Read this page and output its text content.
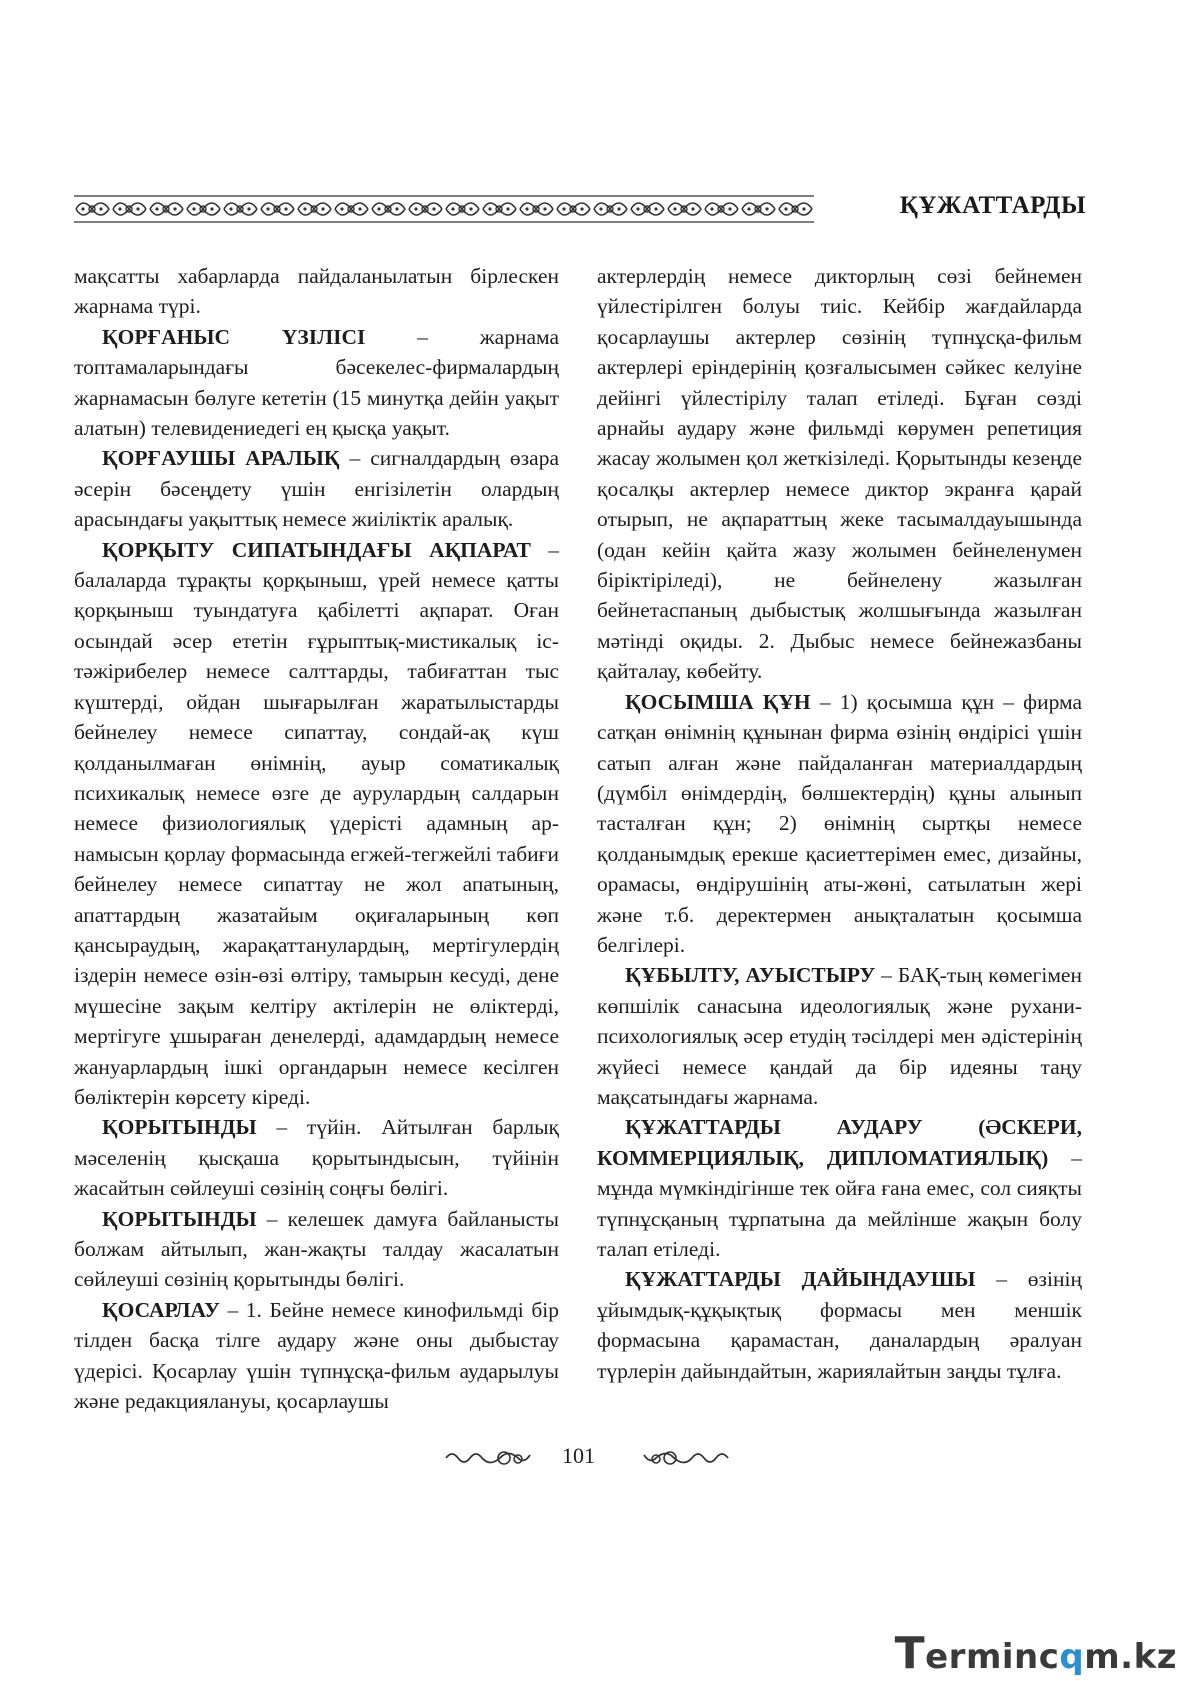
ҚҰЖАТТАРДЫ

мақсатты хабарларда пайдаланылатын бірлескен жарнама түрі.

ҚОРҒАНЫС ҮЗІЛІСІ – жарнама топтамаларындағы бәсекелес-фирмалардың жарнамасын бөлуге кететін (15 минутқа дейін уақыт алатын) телевидениедегі ең қысқа уақыт.

ҚОРҒАУШЫ АРАЛЫҚ – сигналдардың өзара әсерін бәсеңдету үшін енгізілетін олардың арасындағы уақыттық немесе жиіліктік аралық.

ҚОРҚЫТУ СИПАТЫНДАҒЫ АҚПАРАТ – балаларда тұрақты қорқыныш, үрей немесе қатты қорқыныш туындатуға қабілетті ақпарат. Оған осындай әсер ететін ғұрыптық-мистикалық іс-тәжірибелер немесе салттарды, табиғаттан тыс күштерді, ойдан шығарылған жаратылыстарды бейнелеу немесе сипаттау, сондай-ақ күш қолданылмаған өнімнің, ауыр соматикалық психикалық немесе өзге де аурулардың салдарын немесе физиологиялық үдерісті адамның ар-намысын қорлау формасында егжей-тегжейлі табиғи бейнелеу немесе сипаттау не жол апатының, апаттардың жазатайым оқиғаларының көп қансыраудың, жарақаттанулардың, мертігулердің іздерін немесе өзін-өзі өлтіру, тамырын кесуді, дене мүшесіне зақым келтіру актілерін не өліктерді, мертігуге ұшыраған денелерді, адамдардың немесе жануарлардың ішкі органдарын немесе кесілген бөліктерін көрсету кіреді.

ҚОРЫТЫНДЫ – түйін. Айтылған барлық мәселенің қысқаша қорытындысын, түйінін жасайтын сөйлеуші сөзінің соңғы бөлігі.

ҚОРЫТЫНДЫ – келешек дамуға байланысты болжам айтылып, жан-жақты талдау жасалатын сөйлеуші сөзінің қорытынды бөлігі.

ҚОСАРЛАУ – 1. Бейне немесе кинофильмді бір тілден басқа тілге аудару және оны дыбыстау үдерісі. Қосарлау үшін түпнұсқа-фильм аударылуы және редакциялануы, қосарлаушы

актерлердің немесе дикторлың сөзі бейнемен үйлестірілген болуы тиіс. Кейбір жағдайларда қосарлаушы актерлер сөзінің түпнұсқа-фильм актерлері еріндерінің қозғалысымен сәйкес келуіне дейінгі үйлестірілу талап етіледі. Бұған сөзді арнайы аудару және фильмді көрумен репетиция жасау жолымен қол жеткізіледі. Қорытынды кезеңде қосалқы актерлер немесе диктор экранға қарай отырып, не ақпараттың жеке тасымалдауышында (одан кейін қайта жазу жолымен бейнеленумен біріктіріледі), не бейнелену жазылған бейнетаспаның дыбыстық жолшығында жазылған мәтінді оқиды. 2. Дыбыс немесе бейнежазбаны қайталау, көбейту.

ҚОСЫМША ҚҰН – 1) қосымша құн – фирма сатқан өнімнің құнынан фирма өзінің өндірісі үшін сатып алған және пайдаланған материалдардың (дүмбіл өнімдердің, бөлшектердің) құны алынып тасталған құн; 2) өнімнің сыртқы немесе қолданымдық ерекше қасиеттерімен емес, дизайны, орамасы, өндірушінің аты-жөні, сатылатын жері және т.б. деректермен анықталатын қосымша белгілері.

ҚҰБЫЛТУ, АУЫСТЫРУ – БАҚ-тың көмегімен көпшілік санасына идеологиялық және рухани-психологиялық әсер етудің тәсілдері мен әдістерінің жүйесі немесе қандай да бір идеяны таңу мақсатындағы жарнама.

ҚҰЖАТТАРДЫ АУДАРУ (ӘСКЕРИ, КОММЕРЦИЯЛЫҚ, ДИПЛОМАТИЯЛЫҚ) – мұнда мүмкіндігінше тек ойға ғана емес, сол сияқты түпнұсқаның тұрпатына да мейлінше жақын болу талап етіледі.

ҚҰЖАТТАРДЫ ДАЙЫНДАУШЫ – өзінің ұйымдық-құқықтық формасы мен меншік формасына қарамастан, даналардың әралуан түрлерін дайындайтын, жариялайтын заңды тұлға.

101
Termincqm.kz
